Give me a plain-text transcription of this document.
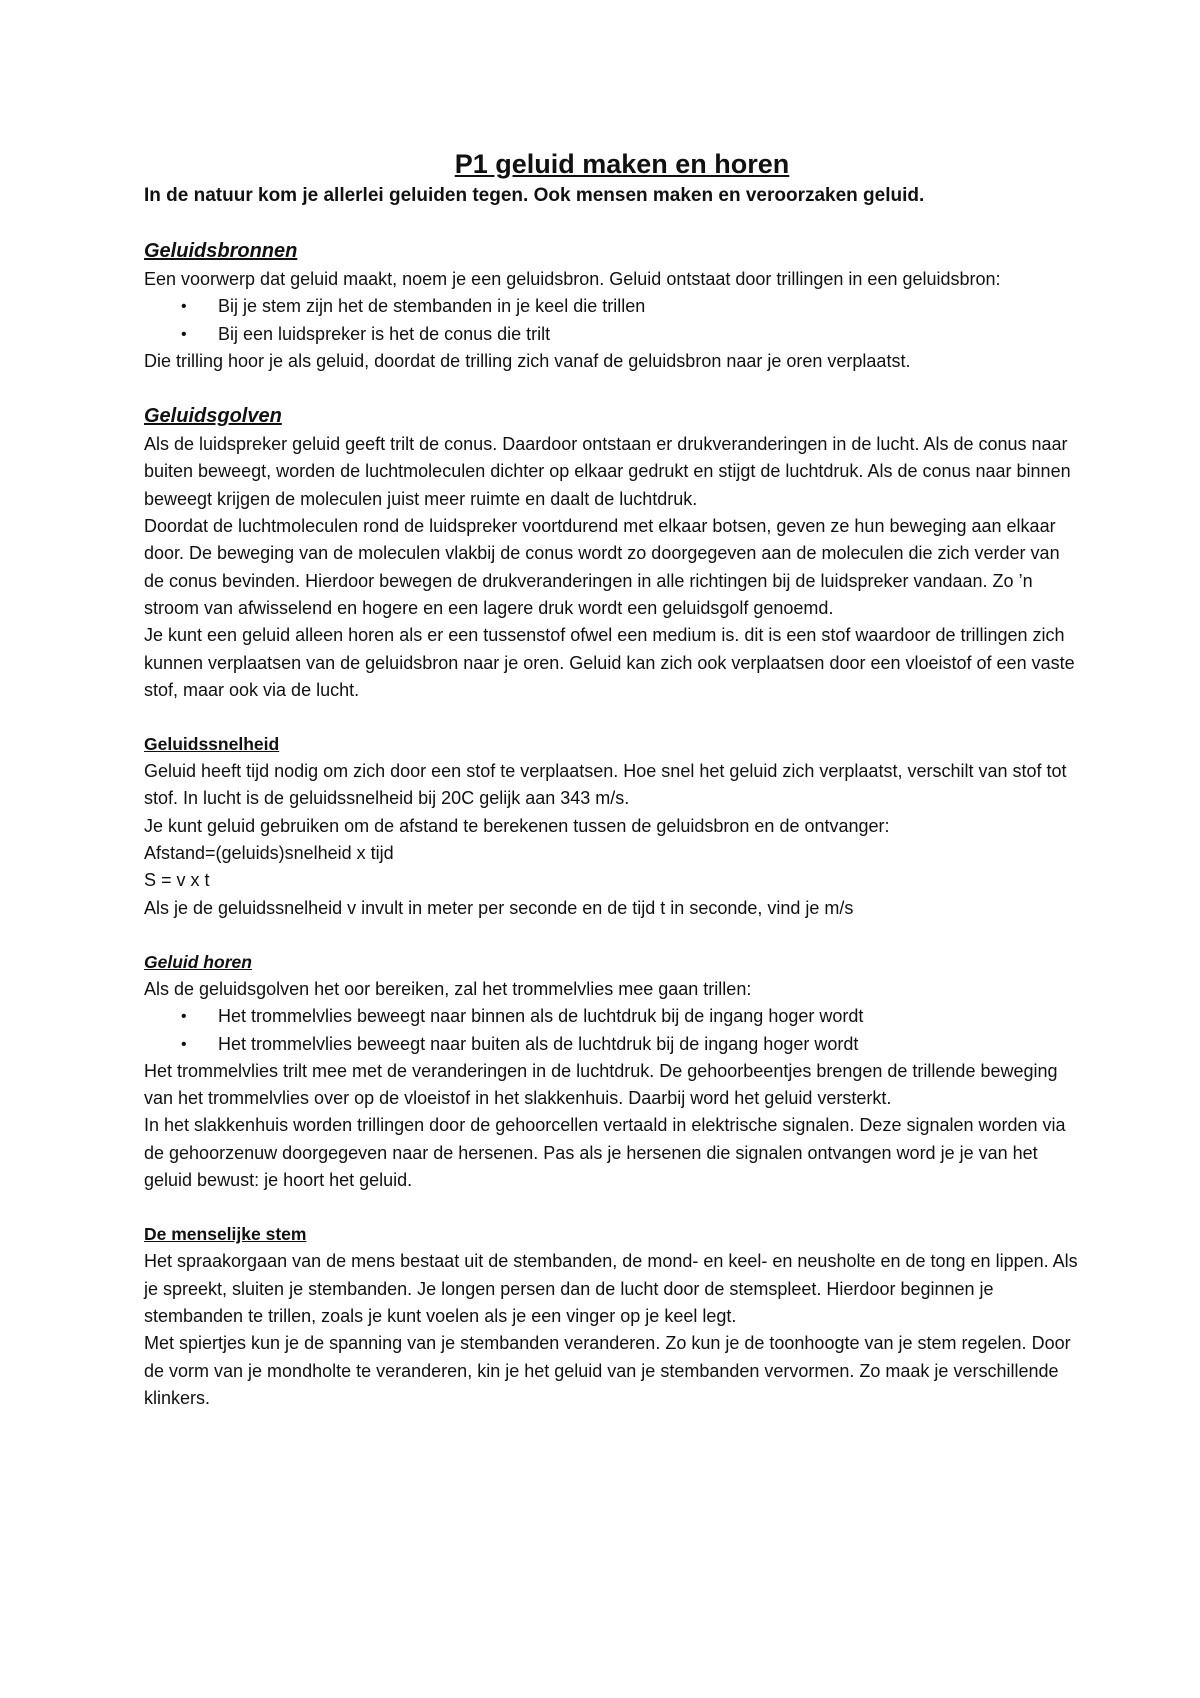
P1 geluid maken en horen

In de natuur kom je allerlei geluiden tegen. Ook mensen maken en veroorzaken geluid.

Geluidsbronnen

Een voorwerp dat geluid maakt, noem je een geluidsbron. Geluid ontstaat door trillingen in een geluidsbron:

• Bij je stem zijn het de stembanden in je keel die trillen
• Bij een luidspreker is het de conus die trilt

Die trilling hoor je als geluid, doordat de trilling zich vanaf de geluidsbron naar je oren verplaatst.

Geluidsgolven

Als de luidspreker geluid geeft trilt de conus. Daardoor ontstaan er drukveranderingen in de lucht. Als de conus naar buiten beweegt, worden de luchtmoleculen dichter op elkaar gedrukt en stijgt de luchtdruk. Als de conus naar binnen beweegt krijgen de moleculen juist meer ruimte en daalt de luchtdruk.

Doordat de luchtmoleculen rond de luidspreker voortdurend met elkaar botsen, geven ze hun beweging aan elkaar door. De beweging van de moleculen vlakbij de conus wordt zo doorgegeven aan de moleculen die zich verder van de conus bevinden. Hierdoor bewegen de drukveranderingen in alle richtingen bij de luidspreker vandaan. Zo ’n stroom van afwisselend en hogere en een lagere druk wordt een geluidsgolf genoemd.

Je kunt een geluid alleen horen als er een tussenstof ofwel een medium is. dit is een stof waardoor de trillingen zich kunnen verplaatsen van de geluidsbron naar je oren. Geluid kan zich ook verplaatsen door een vloeistof of een vaste stof, maar ook via de lucht.

Geluidssnelheid

Geluid heeft tijd nodig om zich door een stof te verplaatsen. Hoe snel het geluid zich verplaatst, verschilt van stof tot stof. In lucht is de geluidssnelheid bij 20C gelijk aan 343 m/s.

Je kunt geluid gebruiken om de afstand te berekenen tussen de geluidsbron en de ontvanger:

Afstand=(geluids)snelheid x tijd

S = v x t

Als je de geluidssnelheid v invult in meter per seconde en de tijd t in seconde, vind je m/s

Geluid horen

Als de geluidsgolven het oor bereiken, zal het trommelvlies mee gaan trillen:

• Het trommelvlies beweegt naar binnen als de luchtdruk bij de ingang hoger wordt
• Het trommelvlies beweegt naar buiten als de luchtdruk bij de ingang hoger wordt

Het trommelvlies trilt mee met de veranderingen in de luchtdruk. De gehoorbeentjes brengen de trillende beweging van het trommelvlies over op de vloeistof in het slakkenhuis. Daarbij word het geluid versterkt.

In het slakkenhuis worden trillingen door de gehoorcellen vertaald in elektrische signalen. Deze signalen worden via de gehoorzenuw doorgegeven naar de hersenen. Pas als je hersenen die signalen ontvangen word je je van het geluid bewust: je hoort het geluid.

De menselijke stem

Het spraakorgaan van de mens bestaat uit de stembanden, de mond- en keel- en neusholte en de tong en lippen. Als je spreekt, sluiten je stembanden. Je longen persen dan de lucht door de stemspleet. Hierdoor beginnen je stembanden te trillen, zoals je kunt voelen als je een vinger op je keel legt.

Met spiertjes kun je de spanning van je stembanden veranderen. Zo kun je de toonhoogte van je stem regelen. Door de vorm van je mondholte te veranderen, kin je het geluid van je stembanden vervormen. Zo maak je verschillende klinkers.
